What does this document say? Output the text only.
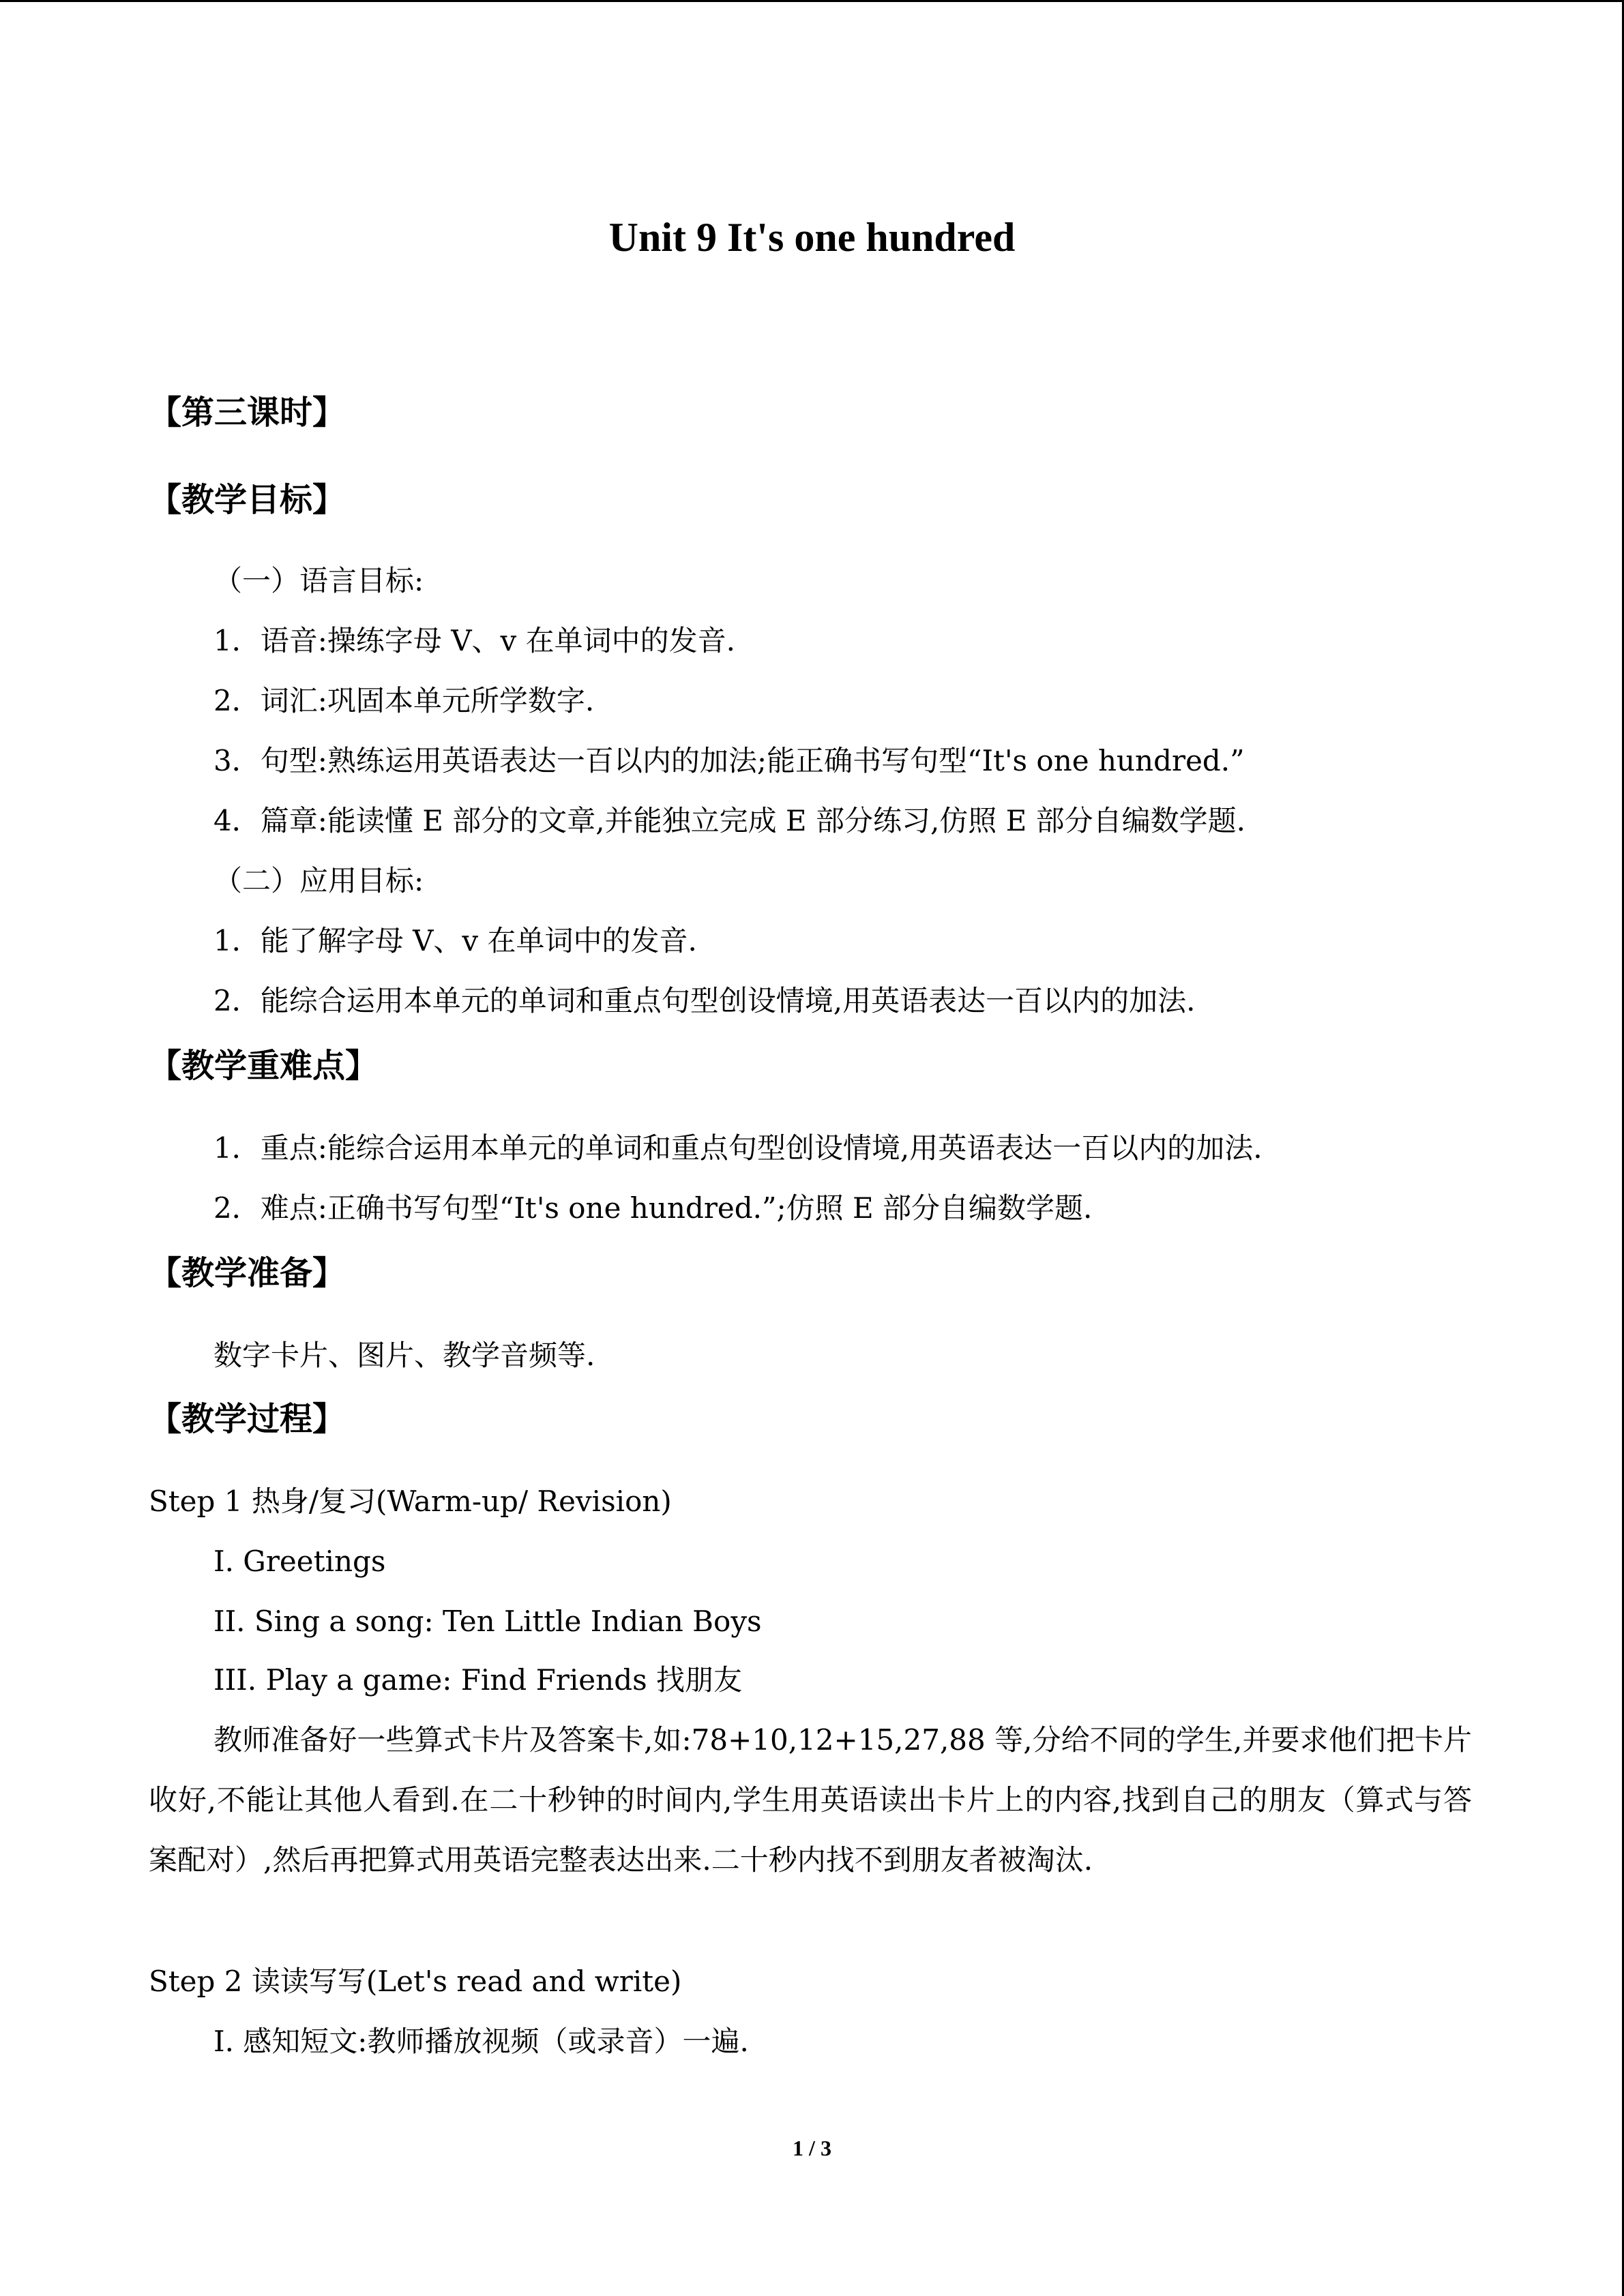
Unit 9 It's one hundred
【第三课时】
【教学目标】
（一）语言目标:
1．语音:操练字母 V、v 在单词中的发音.
2．词汇:巩固本单元所学数字.
3．句型:熟练运用英语表达一百以内的加法;能正确书写句型“It's one hundred.”
4．篇章:能读懂 E 部分的文章,并能独立完成 E 部分练习,仿照 E 部分自编数学题.
（二）应用目标:
1．能了解字母 V、v 在单词中的发音.
2．能综合运用本单元的单词和重点句型创设情境,用英语表达一百以内的加法.
【教学重难点】
1．重点:能综合运用本单元的单词和重点句型创设情境,用英语表达一百以内的加法.
2．难点:正确书写句型“It's one hundred.”;仿照 E 部分自编数学题.
【教学准备】
数字卡片、图片、教学音频等.
【教学过程】
Step 1 热身/复习(Warm-up/ Revision)
I. Greetings
II. Sing a song: Ten Little Indian Boys
III. Play a game: Find Friends 找朋友
教师准备好一些算式卡片及答案卡,如:78+10,12+15,27,88 等,分给不同的学生,并要求他们把卡片收好,不能让其他人看到.在二十秒钟的时间内,学生用英语读出卡片上的内容,找到自己的朋友（算式与答案配对）,然后再把算式用英语完整表达出来.二十秒内找不到朋友者被淘汰.
Step 2 读读写写(Let's read and write)
I. 感知短文:教师播放视频（或录音）一遍.
1 / 3
